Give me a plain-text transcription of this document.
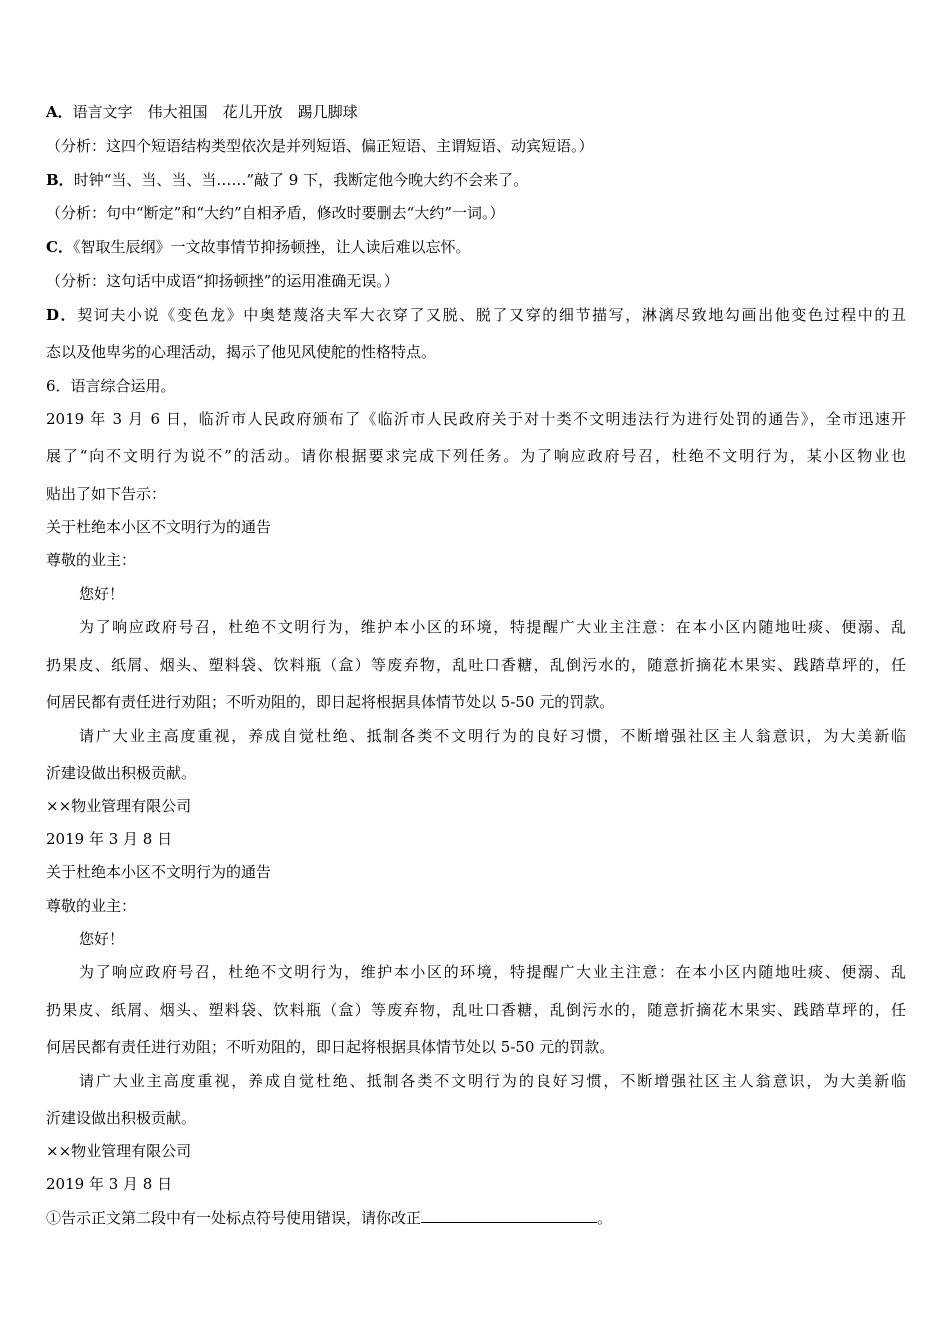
A．语言文字　伟大祖国　花儿开放　踢几脚球
（分析：这四个短语结构类型依次是并列短语、偏正短语、主谓短语、动宾短语。）
B．时钟“当、当、当、当……”敲了 9 下，我断定他今晚大约不会来了。
（分析：句中“断定”和“大约”自相矛盾，修改时要删去“大约”一词。）
C．《智取生辰纲》一文故事情节抑扬顿挫，让人读后难以忘怀。
（分析：这句话中成语“抑扬顿挫”的运用准确无误。）
D．契诃夫小说《变色龙》中奥楚蔑洛夫军大衣穿了又脱、脱了又穿的细节描写，淋漓尽致地勾画出他变色过程中的丑
态以及他卑劣的心理活动，揭示了他见风使舵的性格特点。
6．语言综合运用。
2019 年 3 月 6 日，临沂市人民政府颁布了《临沂市人民政府关于对十类不文明违法行为进行处罚的通告》，全市迅速开
展了“向不文明行为说不”的活动。请你根据要求完成下列任务。为了响应政府号召，杜绝不文明行为，某小区物业也
贴出了如下告示：
关于杜绝本小区不文明行为的通告
尊敬的业主：
您好！
为了响应政府号召，杜绝不文明行为，维护本小区的环境，特提醒广大业主注意：在本小区内随地吐痰、便溺、乱
扔果皮、纸屑、烟头、塑料袋、饮料瓶（盒）等废弃物，乱吐口香糖，乱倒污水的，随意折摘花木果实、践踏草坪的，任
何居民都有责任进行劝阻；不听劝阻的，即日起将根据具体情节处以 5-50 元的罚款。
请广大业主高度重视，养成自觉杜绝、抵制各类不文明行为的良好习惯，不断增强社区主人翁意识，为大美新临
沂建设做出积极贡献。
××物业管理有限公司
2019 年 3 月 8 日
关于杜绝本小区不文明行为的通告
尊敬的业主：
您好！
为了响应政府号召，杜绝不文明行为，维护本小区的环境，特提醒广大业主注意：在本小区内随地吐痰、便溺、乱
扔果皮、纸屑、烟头、塑料袋、饮料瓶（盒）等废弃物，乱吐口香糖，乱倒污水的，随意折摘花木果实、践踏草坪的，任
何居民都有责任进行劝阻；不听劝阻的，即日起将根据具体情节处以 5-50 元的罚款。
请广大业主高度重视，养成自觉杜绝、抵制各类不文明行为的良好习惯，不断增强社区主人翁意识，为大美新临
沂建设做出积极贡献。
××物业管理有限公司
2019 年 3 月 8 日
①告示正文第二段中有一处标点符号使用错误，请你改正	。
